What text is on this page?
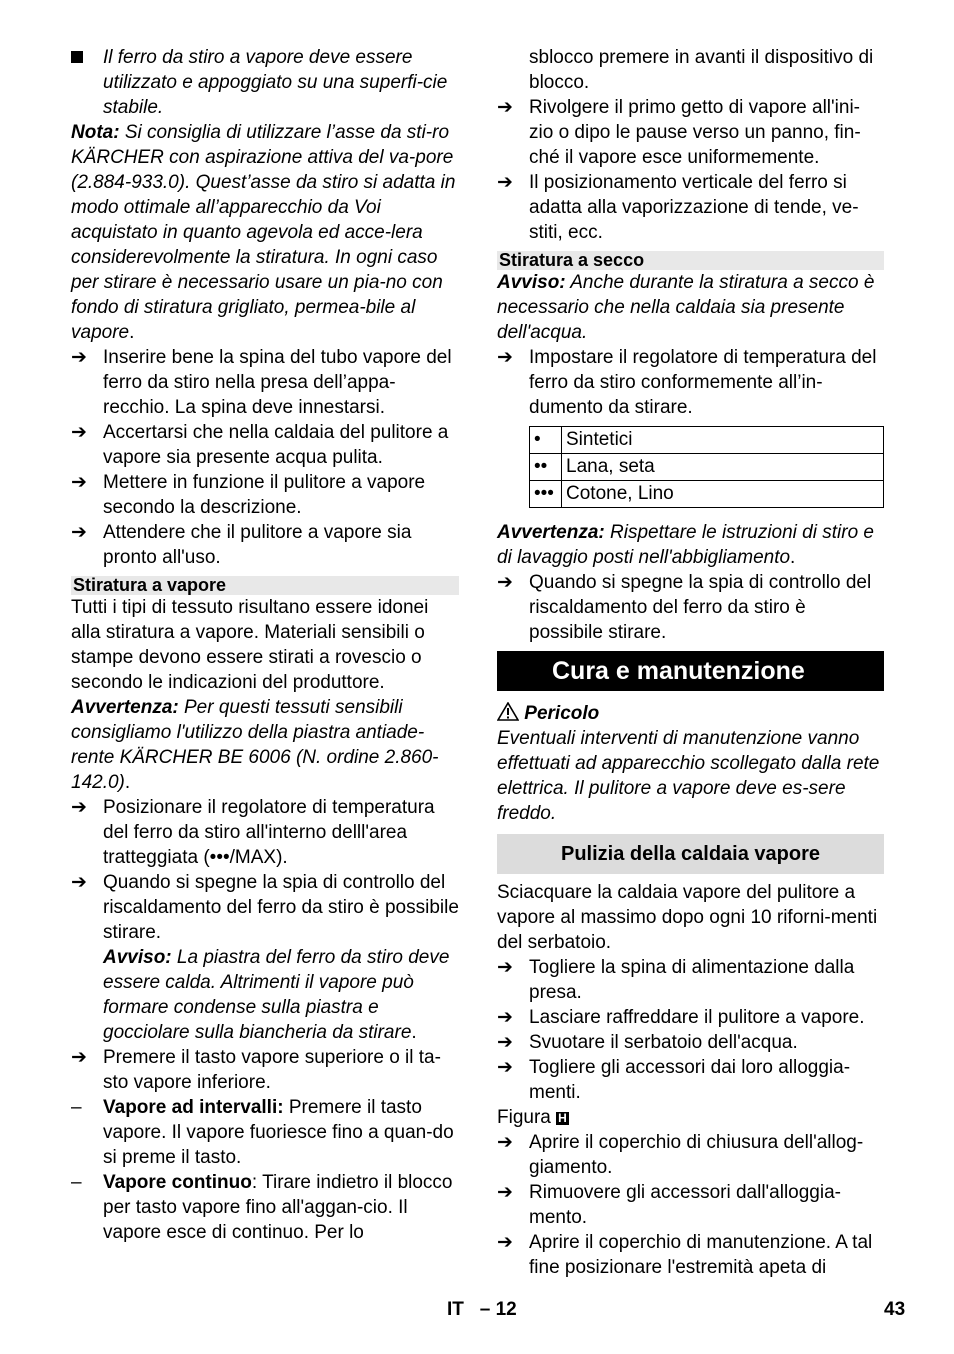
Il ferro da stiro a vapore deve essere utilizzato e appoggiato su una superfi-cie stabile.

Nota: Si consiglia di utilizzare l’asse da sti-ro KÄRCHER con aspirazione attiva del va-pore (2.884-933.0). Quest’asse da stiro si adatta in modo ottimale all’apparecchio da Voi acquistato in quanto agevola ed acce-lera considerevolmente la stiratura. In ogni caso per stirare è necessario usare un pia-no con fondo di stiratura grigliato, permea-bile al vapore.

➔ Inserire bene la spina del tubo vapore del ferro da stiro nella presa dell’appa-recchio. La spina deve innestarsi.

➔ Accertarsi che nella caldaia del pulitore a vapore sia presente acqua pulita.

➔ Mettere in funzione il pulitore a vapore secondo la descrizione.

➔ Attendere che il pulitore a vapore sia pronto all'uso.

Stiratura a vapore

Tutti i tipi di tessuto risultano essere idonei alla stiratura a vapore. Materiali sensibili o stampe devono essere stirati a rovescio o secondo le indicazioni del produttore.

Avvertenza: Per questi tessuti sensibili consigliamo l'utilizzo della piastra antiade-rente KÄRCHER BE 6006 (N. ordine 2.860-142.0).

➔ Posizionare il regolatore di temperatura del ferro da stiro all'interno delll'area tratteggiata (•••/MAX).

➔ Quando si spegne la spia di controllo del riscaldamento del ferro da stiro è possibile stirare.

Avviso: La piastra del ferro da stiro deve essere calda. Altrimenti il vapore può formare condense sulla piastra e gocciolare sulla biancheria da stirare.

➔ Premere il tasto vapore superiore o il ta-sto vapore inferiore.

– Vapore ad intervalli: Premere il tasto vapore. Il vapore fuoriesce fino a quan-do si preme il tasto.

– Vapore continuo: Tirare indietro il blocco per tasto vapore fino all'aggan-cio. Il vapore esce di continuo. Per lo

sblocco premere in avanti il dispositivo di blocco.

➔ Rivolgere il primo getto di vapore all'ini-zio o dipo le pause verso un panno, fin-ché il vapore esce uniformemente.

➔ Il posizionamento verticale del ferro si adatta alla vaporizzazione di tende, ve-stiti, ecc.

Stiratura a secco

Avviso: Anche durante la stiratura a secco è necessario che nella caldaia sia presente dell'acqua.

➔ Impostare il regolatore di temperatura del ferro da stiro conformemente all’in-dumento da stirare.

•	Sintetici
••	Lana, seta
•••	Cotone, Lino

Avvertenza: Rispettare le istruzioni di stiro e di lavaggio posti nell'abbigliamento.

➔ Quando si spegne la spia di controllo del riscaldamento del ferro da stiro è possibile stirare.

Cura e manutenzione

Pericolo

Eventuali interventi di manutenzione vanno effettuati ad apparecchio scollegato dalla rete elettrica. Il pulitore a vapore deve es-sere freddo.

Pulizia della caldaia vapore

Sciacquare la caldaia vapore del pulitore a vapore al massimo dopo ogni 10 riforni-menti del serbatoio.

➔ Togliere la spina di alimentazione dalla presa.

➔ Lasciare raffreddare il pulitore a vapore.

➔ Svuotare il serbatoio dell'acqua.

➔ Togliere gli accessori dai loro alloggia-menti.

Figura H

➔ Aprire il coperchio di chiusura dell'allog-giamento.

➔ Rimuovere gli accessori dall'alloggia-mento.

➔ Aprire il coperchio di manutenzione. A tal fine posizionare l'estremità apeta di

IT – 12	43
